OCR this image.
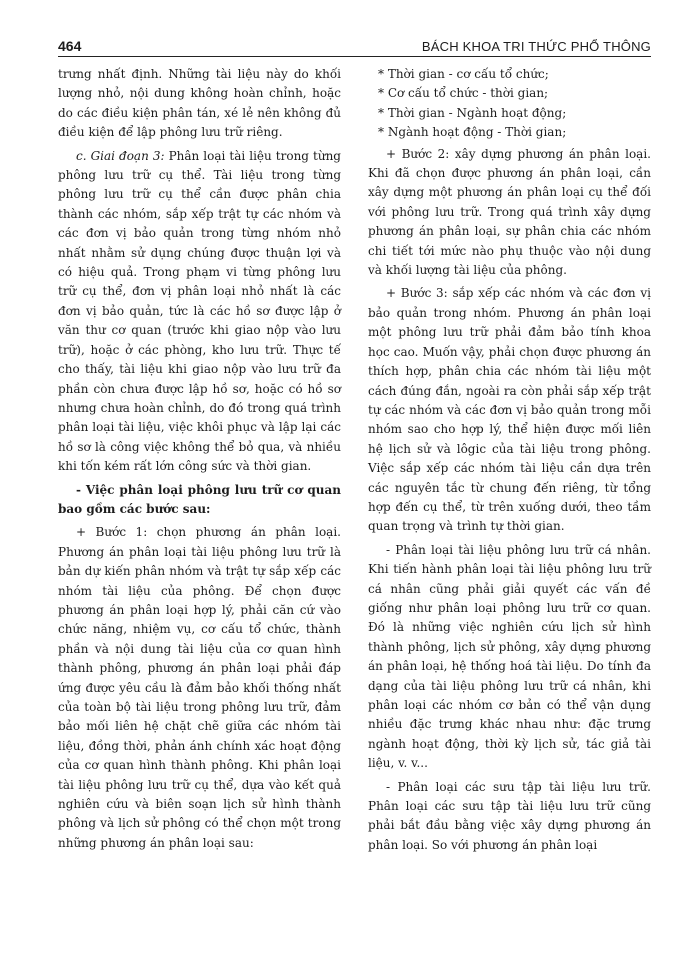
464	BÁCH KHOA TRI THỨC PHỔ THÔNG

trưng nhất định. Những tài liệu này do khối lượng nhỏ, nội dung không hoàn chỉnh, hoặc do các điều kiện phân tán, xé lẻ nên không đủ điều kiện để lập phông lưu trữ riêng.

c. Giai đoạn 3: Phân loại tài liệu trong từng phông lưu trữ cụ thể. Tài liệu trong từng phông lưu trữ cụ thể cần được phân chia thành các nhóm, sắp xếp trật tự các nhóm và các đơn vị bảo quản trong từng nhóm nhỏ nhất nhằm sử dụng chúng được thuận lợi và có hiệu quả. Trong phạm vi từng phông lưu trữ cụ thể, đơn vị phân loại nhỏ nhất là các đơn vị bảo quản, tức là các hồ sơ được lập ở văn thư cơ quan (trước khi giao nộp vào lưu trữ), hoặc ở các phòng, kho lưu trữ. Thực tế cho thấy, tài liệu khi giao nộp vào lưu trữ đa phần còn chưa được lập hồ sơ, hoặc có hồ sơ nhưng chưa hoàn chỉnh, do đó trong quá trình phân loại tài liệu, việc khôi phục và lập lại các hồ sơ là công việc không thể bỏ qua, và nhiều khi tốn kém rất lớn công sức và thời gian.

- Việc phân loại phông lưu trữ cơ quan bao gồm các bước sau:

+ Bước 1: chọn phương án phân loại. Phương án phân loại tài liệu phông lưu trữ là bản dự kiến phân nhóm và trật tự sắp xếp các nhóm tài liệu của phông. Để chọn được phương án phân loại hợp lý, phải căn cứ vào chức năng, nhiệm vụ, cơ cấu tổ chức, thành phần và nội dung tài liệu của cơ quan hình thành phông, phương án phân loại phải đáp ứng được yêu cầu là đảm bảo khối thống nhất của toàn bộ tài liệu trong phông lưu trữ, đảm bảo mối liên hệ chặt chẽ giữa các nhóm tài liệu, đồng thời, phản ánh chính xác hoạt động của cơ quan hình thành phông. Khi phân loại tài liệu phông lưu trữ cụ thể, dựa vào kết quả nghiên cứu và biên soạn lịch sử hình thành phông và lịch sử phông có thể chọn một trong những phương án phân loại sau:

* Thời gian - cơ cấu tổ chức;
* Cơ cấu tổ chức - thời gian;
* Thời gian - Ngành hoạt động;
* Ngành hoạt động - Thời gian;

+ Bước 2: xây dựng phương án phân loại. Khi đã chọn được phương án phân loại, cần xây dựng một phương án phân loại cụ thể đối với phông lưu trữ. Trong quá trình xây dựng phương án phân loại, sự phân chia các nhóm chi tiết tới mức nào phụ thuộc vào nội dung và khối lượng tài liệu của phông.

+ Bước 3: sắp xếp các nhóm và các đơn vị bảo quản trong nhóm. Phương án phân loại một phông lưu trữ phải đảm bảo tính khoa học cao. Muốn vậy, phải chọn được phương án thích hợp, phân chia các nhóm tài liệu một cách đúng đắn, ngoài ra còn phải sắp xếp trật tự các nhóm và các đơn vị bảo quản trong mỗi nhóm sao cho hợp lý, thể hiện được mối liên hệ lịch sử và lôgic của tài liệu trong phông. Việc sắp xếp các nhóm tài liệu cần dựa trên các nguyên tắc từ chung đến riêng, từ tổng hợp đến cụ thể, từ trên xuống dưới, theo tầm quan trọng và trình tự thời gian.

- Phân loại tài liệu phông lưu trữ cá nhân. Khi tiến hành phân loại tài liệu phông lưu trữ cá nhân cũng phải giải quyết các vấn đề giống như phân loại phông lưu trữ cơ quan. Đó là những việc nghiên cứu lịch sử hình thành phông, lịch sử phông, xây dựng phương án phân loại, hệ thống hoá tài liệu. Do tính đa dạng của tài liệu phông lưu trữ cá nhân, khi phân loại các nhóm cơ bản có thể vận dụng nhiều đặc trưng khác nhau như: đặc trưng ngành hoạt động, thời kỳ lịch sử, tác giả tài liệu, v. v...

- Phân loại các sưu tập tài liệu lưu trữ. Phân loại các sưu tập tài liệu lưu trữ cũng phải bắt đầu bằng việc xây dựng phương án phân loại. So với phương án phân loại
